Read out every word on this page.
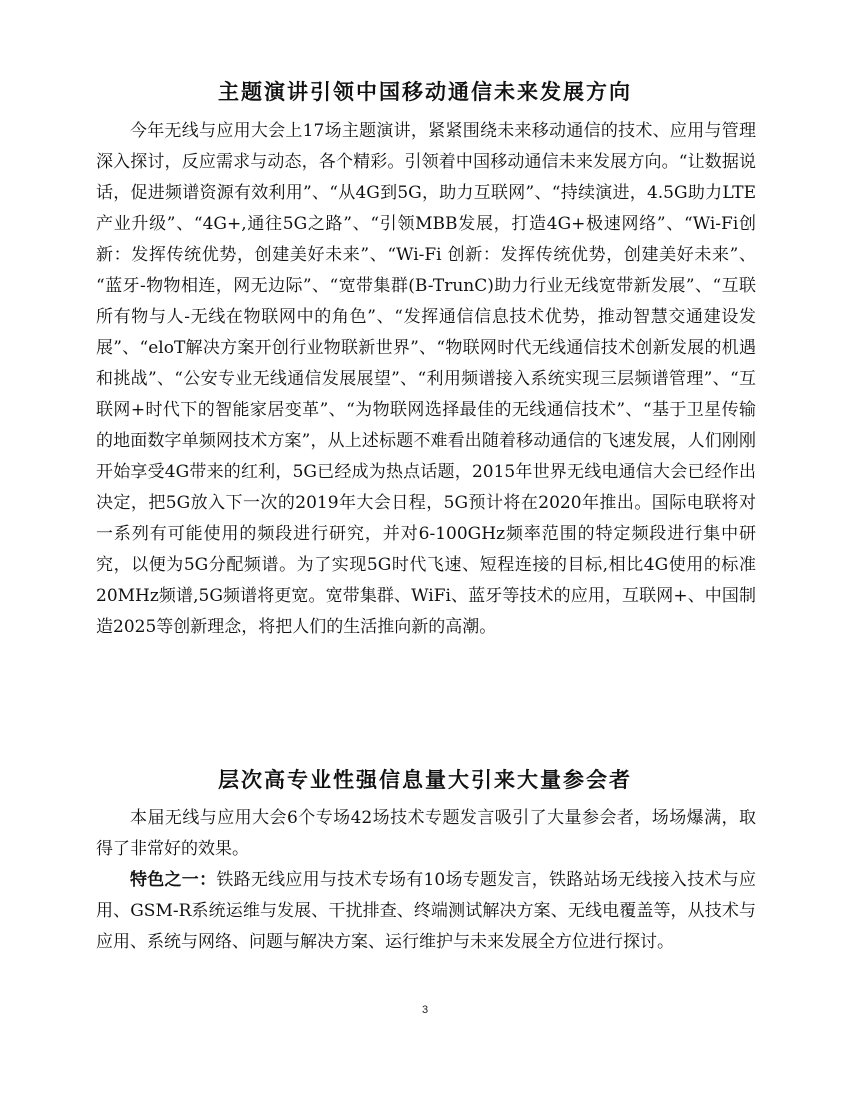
主题演讲引领中国移动通信未来发展方向

今年无线与应用大会上17场主题演讲，紧紧围绕未来移动通信的技术、应用与管理深入探讨，反应需求与动态，各个精彩。引领着中国移动通信未来发展方向。“让数据说话，促进频谱资源有效利用”、“从4G到5G，助力互联网”、“持续演进，4.5G助力LTE产业升级”、“4G+,通往5G之路”、“引领MBB发展，打造4G+极速网络”、“Wi-Fi创新：发挥传统优势，创建美好未来”、“Wi-Fi 创新：发挥传统优势，创建美好未来”、 “蓝牙-物物相连，网无边际”、“宽带集群(B-TrunC)助力行业无线宽带新发展”、“互联所有物与人-无线在物联网中的角色”、“发挥通信信息技术优势，推动智慧交通建设发展”、“eloT解决方案开创行业物联新世界”、“物联网时代无线通信技术创新发展的机遇和挑战”、“公安专业无线通信发展展望”、“利用频谱接入系统实现三层频谱管理”、“互联网+时代下的智能家居变革”、“为物联网选择最佳的无线通信技术”、“基于卫星传输的地面数字单频网技术方案”，从上述标题不难看出随着移动通信的飞速发展，人们刚刚开始享受4G带来的红利，5G已经成为热点话题，2015年世界无线电通信大会已经作出决定，把5G放入下一次的2019年大会日程，5G预计将在2020年推出。国际电联将对一系列有可能使用的频段进行研究，并对6-100GHz频率范围的特定频段进行集中研究，以便为5G分配频谱。为了实现5G时代飞速、短程连接的目标,相比4G使用的标准20MHz频谱,5G频谱将更宽。宽带集群、WiFi、蓝牙等技术的应用，互联网+、中国制造2025等创新理念，将把人们的生活推向新的高潮。

层次高专业性强信息量大引来大量参会者

本届无线与应用大会6个专场42场技术专题发言吸引了大量参会者，场场爆满，取得了非常好的效果。

特色之一：铁路无线应用与技术专场有10场专题发言，铁路站场无线接入技术与应用、GSM-R系统运维与发展、干扰排查、终端测试解决方案、无线电覆盖等，从技术与应用、系统与网络、问题与解决方案、运行维护与未来发展全方位进行探讨。

3
